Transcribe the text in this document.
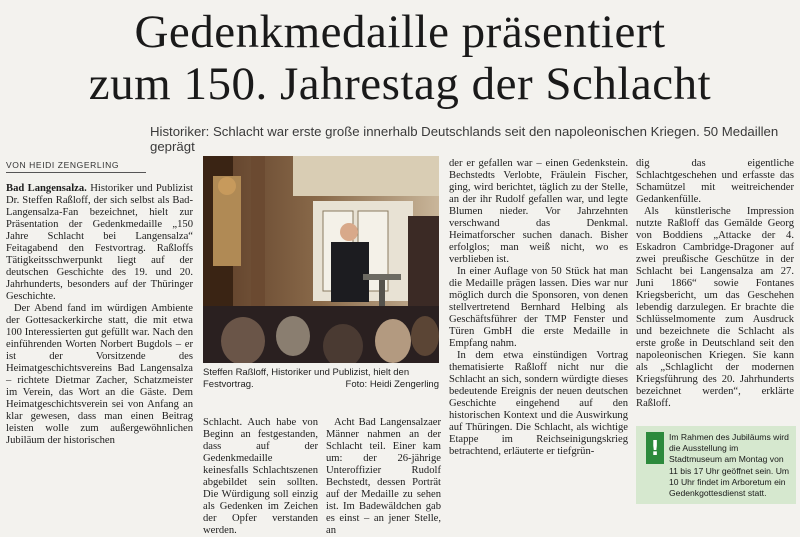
Gedenkmedaille präsentiert
zum 150. Jahrestag der Schlacht
Historiker: Schlacht war erste große innerhalb Deutschlands seit den napoleonischen Kriegen. 50 Medaillen geprägt
VON HEIDI ZENGERLING

Bad Langensalza. Historiker und Publizist Dr. Steffen Raßloff, der sich selbst als Bad-Langensalza-Fan bezeichnet, hielt zur Präsentation der Gedenkmedaille „150 Jahre Schlacht bei Langensalza“ Feitagabend den Festvortrag. Raßloffs Tätigkeitsschwerpunkt liegt auf der deutschen Geschichte des 19. und 20. Jahrhunderts, besonders auf der Thüringer Geschichte.

Der Abend fand im würdigen Ambiente der Gottesackerkirche statt, die mit etwa 100 Interessierten gut gefüllt war. Nach den einführenden Worten Norbert Bugdols – er ist der Vorsitzende des Heimatgeschichtsvereins Bad Langensalza – richtete Dietmar Zacher, Schatzmeister im Verein, das Wort an die Gäste. Dem Heimatgeschichtsverein sei von Anfang an klar gewesen, dass man einen Beitrag leisten wolle zum außergewöhnlichen Jubiläum der historischen

Steffen Raßloff, Historiker und Publizist, hielt den Festvortrag.	Foto: Heidi Zengerling

Schlacht. Auch habe von Beginn an festgestanden, dass auf der Gedenkmedaille keinesfalls Schlachtszenen abgebildet sein sollten. Die Würdigung soll einzig als Gedenken im Zeichen der Opfer verstanden werden.

Acht Bad Langensalzaer Männer nahmen an der Schlacht teil. Einer kam um: der 26-jährige Unteroffizier Rudolf Bechstedt, dessen Porträt auf der Medaille zu sehen ist. Im Badewäldchen gab es einst – an jener Stelle, an

der er gefallen war – einen Gedenkstein. Bechstedts Verlobte, Fräulein Fischer, ging, wird berichtet, täglich zu der Stelle, an der ihr Rudolf gefallen war, und legte Blumen nieder. Vor Jahrzehnten verschwand das Denkmal. Heimatforscher suchen danach. Bisher erfolglos; man weiß nicht, wo es verblieben ist.

In einer Auflage von 50 Stück hat man die Medaille prägen lassen. Dies war nur möglich durch die Sponsoren, von denen stellvertretend Bernhard Helbing als Geschäftsführer der TMP Fenster und Türen GmbH die erste Medaille in Empfang nahm.

In dem etwa einstündigen Vortrag thematisierte Raßloff nicht nur die Schlacht an sich, sondern würdigte dieses bedeutende Ereignis der neuen deutschen Geschichte eingehend auf den historischen Kontext und die Auswirkung auf Thüringen. Die Schlacht, als wichtige Etappe im Reichseinigungskrieg betrachtend, erläuterte er tiefgrün-

dig das eigentliche Schlachtgeschehen und erfasste das Schamützel mit weitreichender Gedankenfülle.

Als künstlerische Impression nutzte Raßloff das Gemälde Georg von Boddiens „Attacke der 4. Eskadron Cambridge-Dragoner auf zwei preußische Geschütze in der Schlacht bei Langensalza am 27. Juni 1866“ sowie Fontanes Kriegsbericht, um das Geschehen lebendig darzulegen. Er brachte die Schlüsselmomente zum Ausdruck und bezeichnete die Schlacht als erste große in Deutschland seit den napoleonischen Kriegen. Sie kann als „Schlaglicht der modernen Kriegsführung des 20. Jahrhunderts bezeichnet werden“, erklärte Raßloff.

!	Im Rahmen des Jubiläums wird die Ausstellung im Stadtmuseum am Montag von 11 bis 17 Uhr geöffnet sein. Um 10 Uhr findet im Arboretum ein Gedenkgottesdienst statt.
